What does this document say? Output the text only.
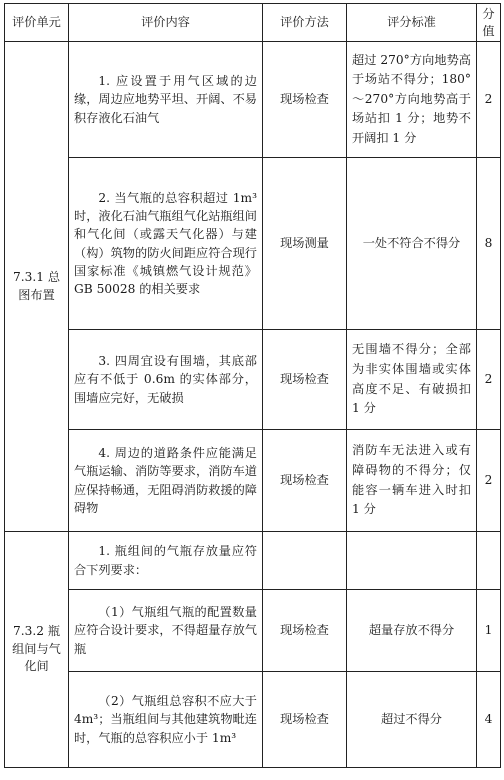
评价单元	评价内容	评价方法	评分标准	分值
7.3.1 总图布置	1. 应设置于用气区域的边缘，周边应地势平坦、开阔、不易积存液化石油气	现场检查	超过 270°方向地势高于场站不得分；180°～270°方向地势高于场站扣 1 分；地势不开阔扣 1 分	2
	2. 当气瓶的总容积超过 1m³ 时，液化石油气瓶组气化站瓶组间和气化间（或露天气化器）与建（构）筑物的防火间距应符合现行国家标准《城镇燃气设计规范》GB 50028 的相关要求	现场测量	一处不符合不得分	8
	3. 四周宜设有围墙，其底部应有不低于 0.6m 的实体部分，围墙应完好，无破损	现场检查	无围墙不得分；全部为非实体围墙或实体高度不足、有破损扣 1 分	2
	4. 周边的道路条件应能满足气瓶运输、消防等要求，消防车道应保持畅通，无阻碍消防救援的障碍物	现场检查	消防车无法进入或有障碍物的不得分；仅能容一辆车进入时扣 1 分	2
7.3.2 瓶组间与气化间	1. 瓶组间的气瓶存放量应符合下列要求：			
	（1）气瓶组气瓶的配置数量应符合设计要求，不得超量存放气瓶	现场检查	超量存放不得分	1
	（2）气瓶组总容积不应大于 4m³；当瓶组间与其他建筑物毗连时，气瓶的总容积应小于 1m³	现场检查	超过不得分	4
